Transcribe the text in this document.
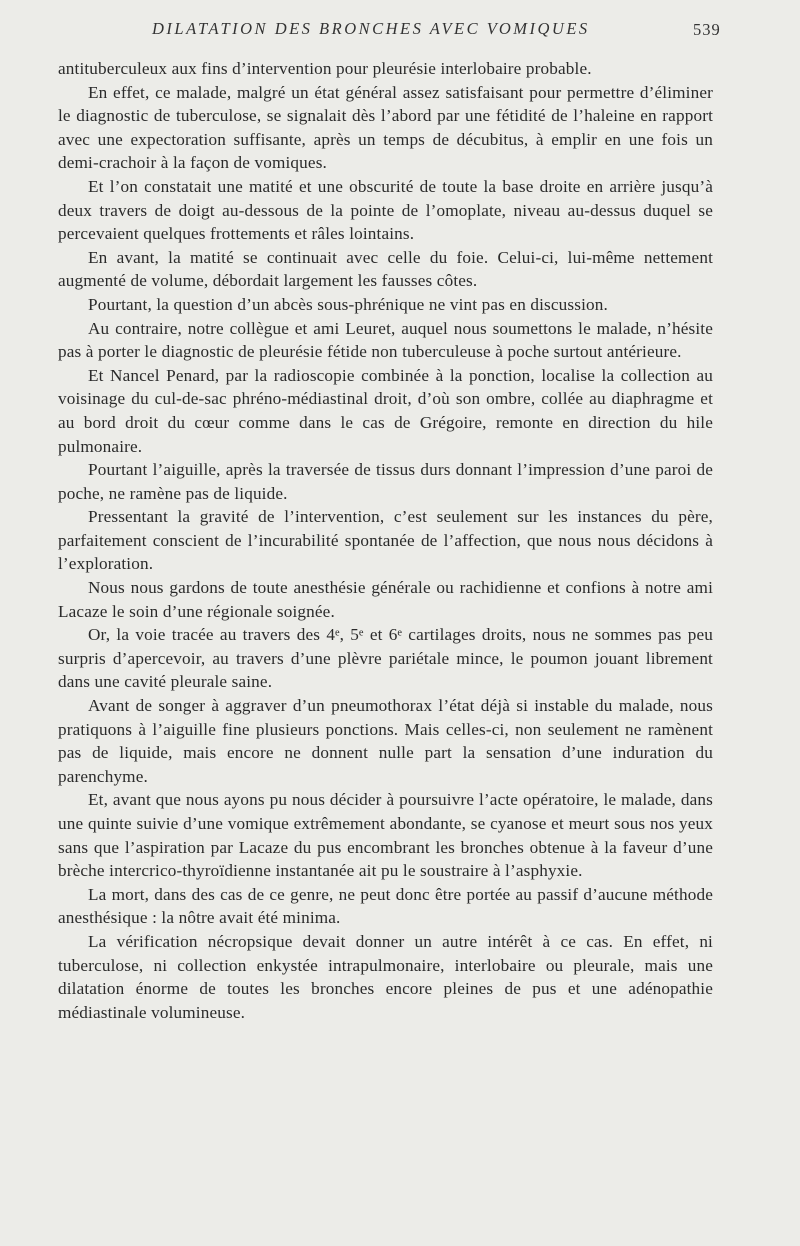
DILATATION DES BRONCHES AVEC VOMIQUES	539

antituberculeux aux fins d’intervention pour pleurésie interlobaire probable.

En effet, ce malade, malgré un état général assez satisfaisant pour permettre d’éliminer le diagnostic de tuberculose, se signalait dès l’abord par une fétidité de l’haleine en rapport avec une expectoration suffisante, après un temps de décubitus, à emplir en une fois un demi-crachoir à la façon de vomiques.

Et l’on constatait une matité et une obscurité de toute la base droite en arrière jusqu’à deux travers de doigt au-dessous de la pointe de l’omoplate, niveau au-dessus duquel se percevaient quelques frottements et râles lointains.

En avant, la matité se continuait avec celle du foie. Celui-ci, lui-même nettement augmenté de volume, débordait largement les fausses côtes.

Pourtant, la question d’un abcès sous-phrénique ne vint pas en discussion.

Au contraire, notre collègue et ami Leuret, auquel nous soumettons le malade, n’hésite pas à porter le diagnostic de pleurésie fétide non tuberculeuse à poche surtout antérieure.

Et Nancel Penard, par la radioscopie combinée à la ponction, localise la collection au voisinage du cul-de-sac phréno-médiastinal droit, d’où son ombre, collée au diaphragme et au bord droit du cœur comme dans le cas de Grégoire, remonte en direction du hile pulmonaire.

Pourtant l’aiguille, après la traversée de tissus durs donnant l’impression d’une paroi de poche, ne ramène pas de liquide.

Pressentant la gravité de l’intervention, c’est seulement sur les instances du père, parfaitement conscient de l’incurabilité spontanée de l’affection, que nous nous décidons à l’exploration.

Nous nous gardons de toute anesthésie générale ou rachidienne et confions à notre ami Lacaze le soin d’une régionale soignée.

Or, la voie tracée au travers des 4ᵉ, 5ᵉ et 6ᵉ cartilages droits, nous ne sommes pas peu surpris d’apercevoir, au travers d’une plèvre pariétale mince, le poumon jouant librement dans une cavité pleurale saine.

Avant de songer à aggraver d’un pneumothorax l’état déjà si instable du malade, nous pratiquons à l’aiguille fine plusieurs ponctions. Mais celles-ci, non seulement ne ramènent pas de liquide, mais encore ne donnent nulle part la sensation d’une induration du parenchyme.

Et, avant que nous ayons pu nous décider à poursuivre l’acte opératoire, le malade, dans une quinte suivie d’une vomique extrêmement abondante, se cyanose et meurt sous nos yeux sans que l’aspiration par Lacaze du pus encombrant les bronches obtenue à la faveur d’une brèche intercrico-thyroïdienne instantanée ait pu le soustraire à l’asphyxie.

La mort, dans des cas de ce genre, ne peut donc être portée au passif d’aucune méthode anesthésique : la nôtre avait été minima.

La vérification nécropsique devait donner un autre intérêt à ce cas. En effet, ni tuberculose, ni collection enkystée intrapulmonaire, interlobaire ou pleurale, mais une dilatation énorme de toutes les bronches encore pleines de pus et une adénopathie médiastinale volumineuse.
